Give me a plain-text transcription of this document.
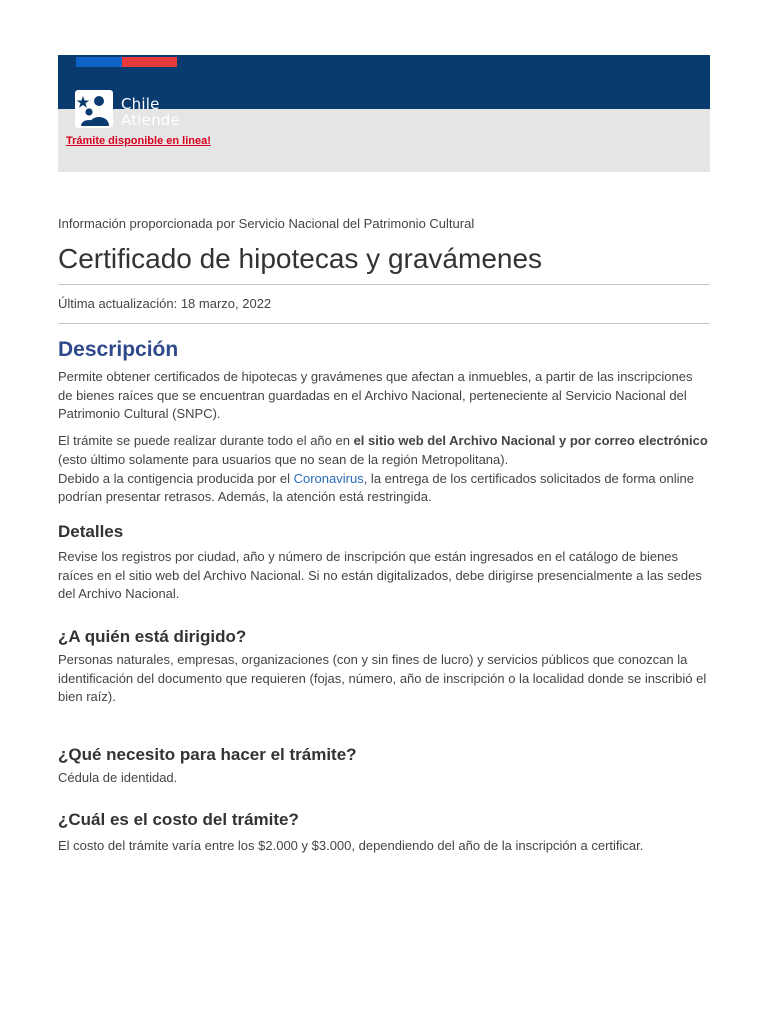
Chile
Atiende
Trámite disponible en linea!

Información proporcionada por Servicio Nacional del Patrimonio Cultural

Certificado de hipotecas y gravámenes

Última actualización: 18 marzo, 2022

Descripción

Permite obtener certificados de hipotecas y gravámenes que afectan a inmuebles, a partir de las inscripciones de bienes raíces que se encuentran guardadas en el Archivo Nacional, perteneciente al Servicio Nacional del Patrimonio Cultural (SNPC).

El trámite se puede realizar durante todo el año en el sitio web del Archivo Nacional y por correo electrónico (esto último solamente para usuarios que no sean de la región Metropolitana).

Debido a la contigencia producida por el Coronavirus, la entrega de los certificados solicitados de forma online podrían presentar retrasos. Además, la atención está restringida.

Detalles

Revise los registros por ciudad, año y número de inscripción que están ingresados en el catálogo de bienes raíces en el sitio web del Archivo Nacional. Si no están digitalizados, debe dirigirse presencialmente a las sedes del Archivo Nacional.

¿A quién está dirigido?

Personas naturales, empresas, organizaciones (con y sin fines de lucro) y servicios públicos que conozcan la identificación del documento que requieren (fojas, número, año de inscripción o la localidad donde se inscribió el bien raíz).

¿Qué necesito para hacer el trámite?

Cédula de identidad.

¿Cuál es el costo del trámite?

El costo del trámite varía entre los $2.000 y $3.000, dependiendo del año de la inscripción a certificar.
